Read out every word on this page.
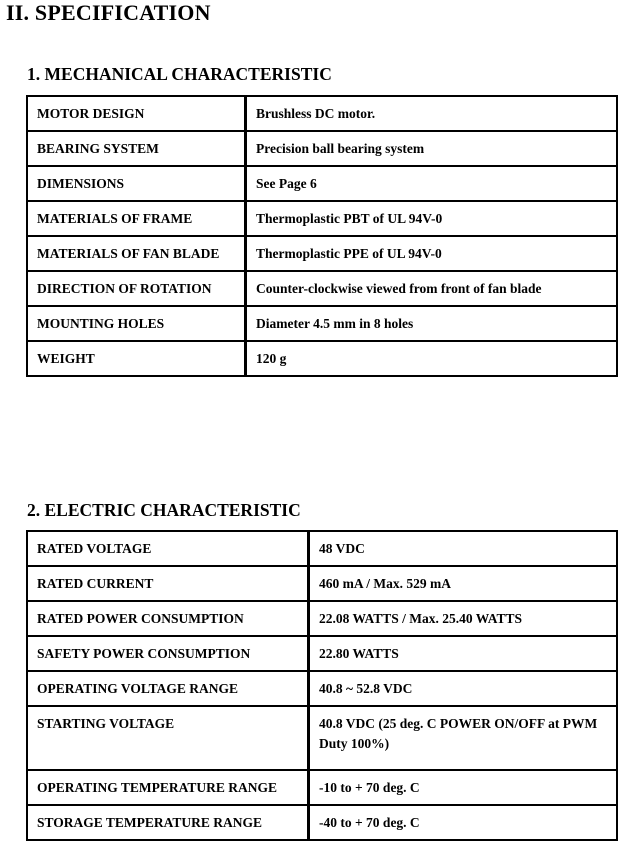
II. SPECIFICATION
1. MECHANICAL CHARACTERISTIC
MOTOR DESIGN	Brushless DC motor.
BEARING SYSTEM	Precision ball bearing system
DIMENSIONS	See Page 6
MATERIALS OF FRAME	Thermoplastic PBT of UL 94V-0
MATERIALS OF FAN BLADE	Thermoplastic PPE of UL 94V-0
DIRECTION OF ROTATION	Counter-clockwise viewed from front of fan blade
MOUNTING HOLES	Diameter 4.5 mm in 8 holes
WEIGHT	120 g
2. ELECTRIC CHARACTERISTIC
RATED VOLTAGE	48 VDC
RATED CURRENT	460 mA / Max. 529 mA
RATED POWER CONSUMPTION	22.08 WATTS / Max. 25.40 WATTS
SAFETY POWER CONSUMPTION	22.80 WATTS
OPERATING VOLTAGE RANGE	40.8 ~ 52.8 VDC
STARTING VOLTAGE	40.8 VDC (25 deg. C POWER ON/OFF at PWM Duty 100%)
OPERATING TEMPERATURE RANGE	-10 to + 70 deg. C
STORAGE TEMPERATURE RANGE	-40 to + 70 deg. C
